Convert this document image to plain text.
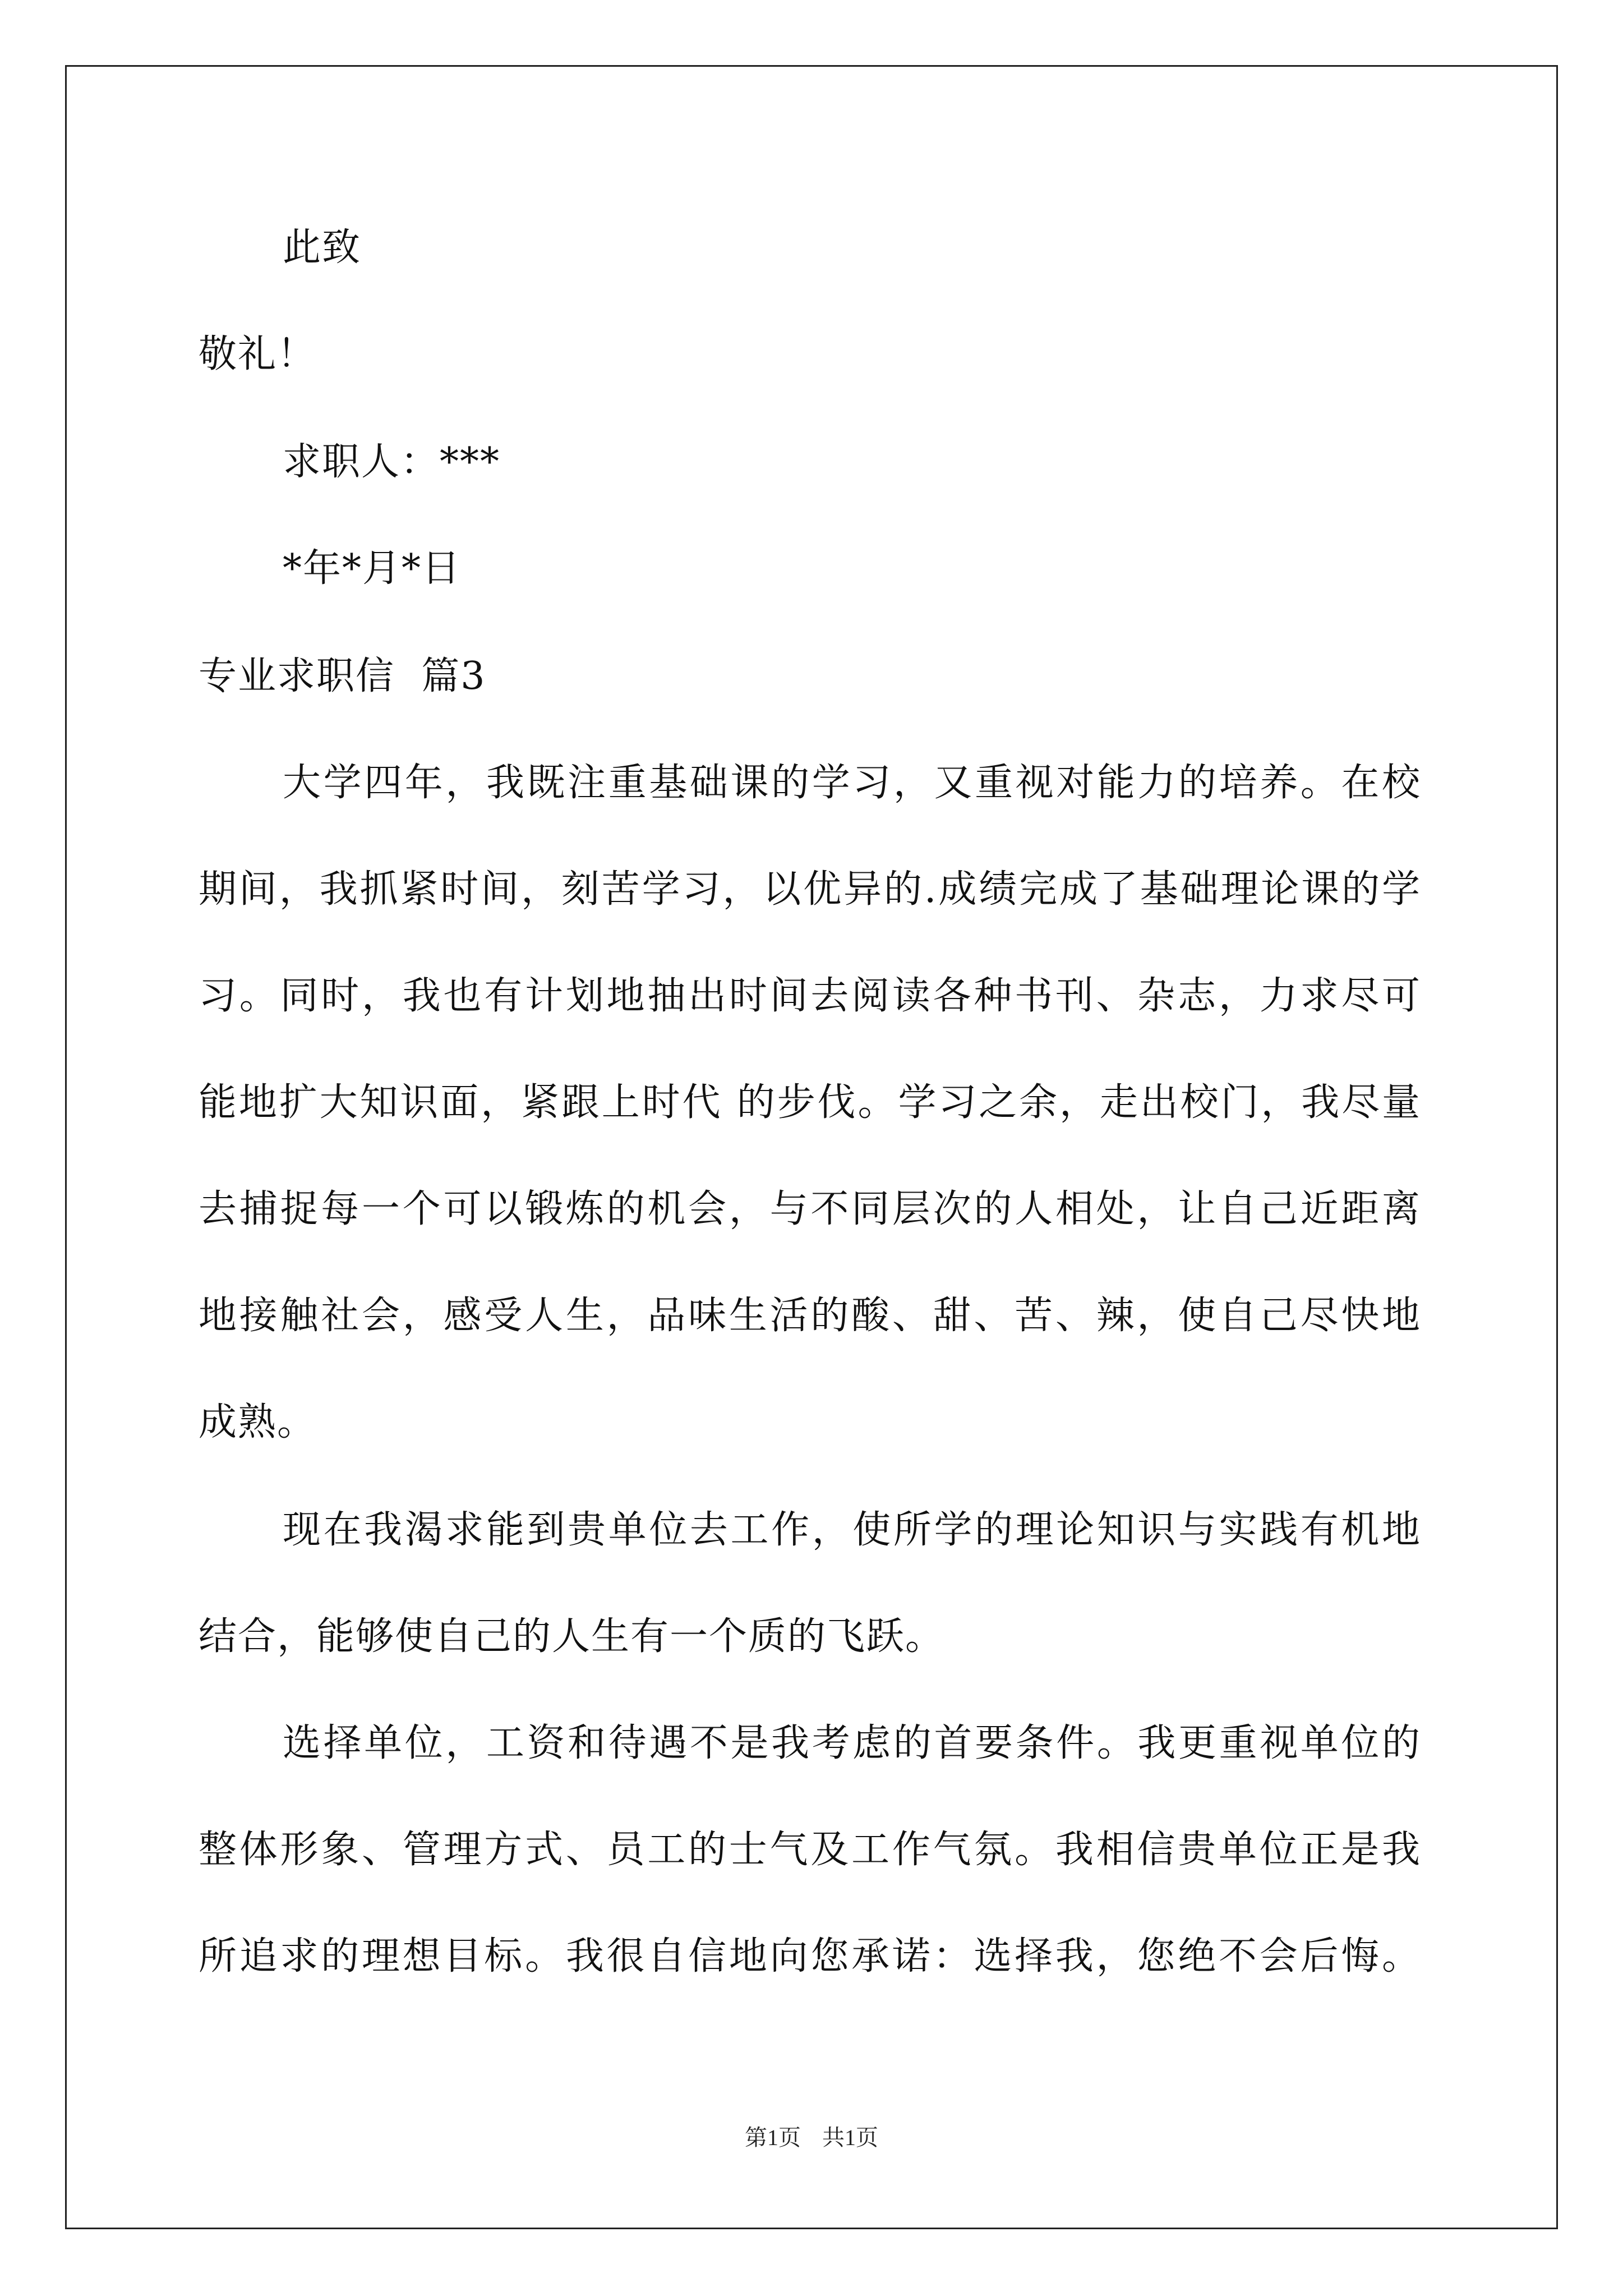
此致
敬礼！
求职人：***
*年*月*日
专业求职信  篇3
大学四年，我既注重基础课的学习，又重视对能力的培养。在校
期间，我抓紧时间，刻苦学习，以优异的.成绩完成了基础理论课的学
习。同时，我也有计划地抽出时间去阅读各种书刊、杂志，力求尽可
能地扩大知识面，紧跟上时代 的步伐。学习之余，走出校门，我尽量
去捕捉每一个可以锻炼的机会，与不同层次的人相处，让自己近距离
地接触社会，感受人生，品味生活的酸、甜、苦、辣，使自己尽快地
成熟。
现在我渴求能到贵单位去工作，使所学的理论知识与实践有机地
结合，能够使自己的人生有一个质的飞跃。
选择单位，工资和待遇不是我考虑的首要条件。我更重视单位的
整体形象、管理方式、员工的士气及工作气氛。我相信贵单位正是我
所追求的理想目标。我很自信地向您承诺：选择我，您绝不会后悔。
第1页 共1页
